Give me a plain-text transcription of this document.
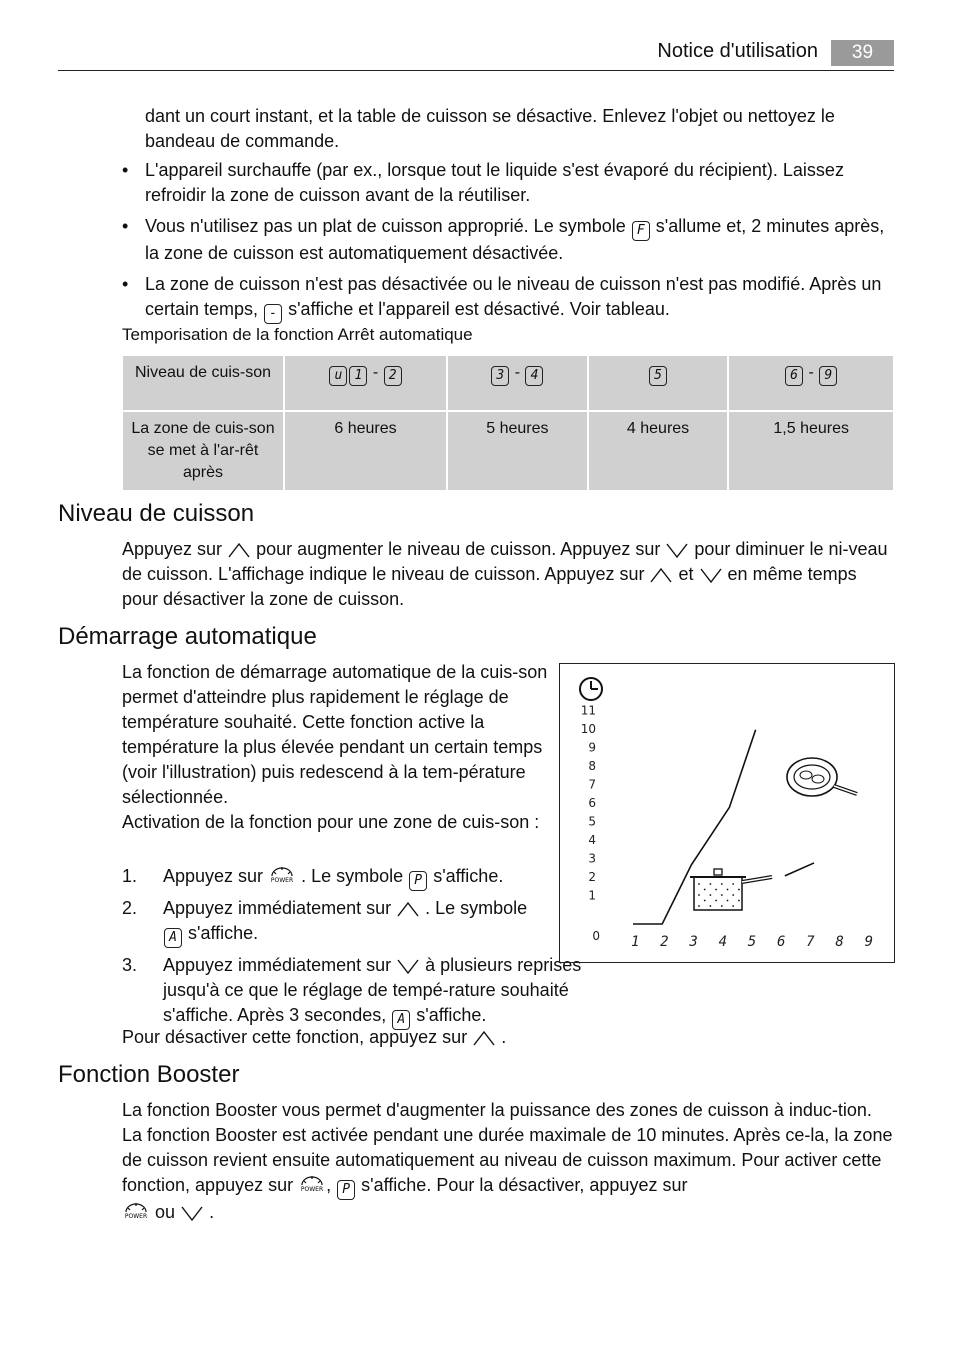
Notice d'utilisation	39
dant un court instant, et la table de cuisson se désactive. Enlevez l'objet ou nettoyez le bandeau de commande.
• L'appareil surchauffe (par ex., lorsque tout le liquide s'est évaporé du récipient). Laissez refroidir la zone de cuisson avant de la réutiliser.
• Vous n'utilisez pas un plat de cuisson approprié. Le symbole F s'allume et, 2 minutes après, la zone de cuisson est automatiquement désactivée.
• La zone de cuisson n'est pas désactivée ou le niveau de cuisson n'est pas modifié. Après un certain temps, - s'affiche et l'appareil est désactivé. Voir tableau.
Temporisation de la fonction Arrêt automatique
Niveau de cuis-son	u 1 - 2	3 - 4	5	6 - 9
La zone de cuis-son se met à l'ar-rêt après	6 heures	5 heures	4 heures	1,5 heures
Niveau de cuisson
Appuyez sur pour augmenter le niveau de cuisson. Appuyez sur pour diminuer le ni-veau de cuisson. L'affichage indique le niveau de cuisson. Appuyez sur et en même temps pour désactiver la zone de cuisson.
Démarrage automatique
La fonction de démarrage automatique de la cuis-son permet d'atteindre plus rapidement le réglage de température souhaité. Cette fonction active la température la plus élevée pendant un certain temps (voir l'illustration) puis redescend à la tem-pérature sélectionnée.
Activation de la fonction pour une zone de cuis-son :
1. Appuyez sur POWER . Le symbole P s'affiche.
2. Appuyez immédiatement sur . Le symbole
A s'affiche.
3. Appuyez immédiatement sur à plusieurs reprises jusqu'à ce que le réglage de tempé-rature souhaité s'affiche. Après 3 secondes, A s'affiche.
Pour désactiver cette fonction, appuyez sur .
0
1
2
3
4
5
6
7
8
9
10
11
1 2 3 4 5 6 7 8 9
Fonction Booster
La fonction Booster vous permet d'augmenter la puissance des zones de cuisson à induc-tion. La fonction Booster est activée pendant une durée maximale de 10 minutes. Après ce-la, la zone de cuisson revient ensuite automatiquement au niveau de cuisson maximum. Pour activer cette fonction, appuyez sur POWER , P s'affiche. Pour la désactiver, appuyez sur

POWER ou .
